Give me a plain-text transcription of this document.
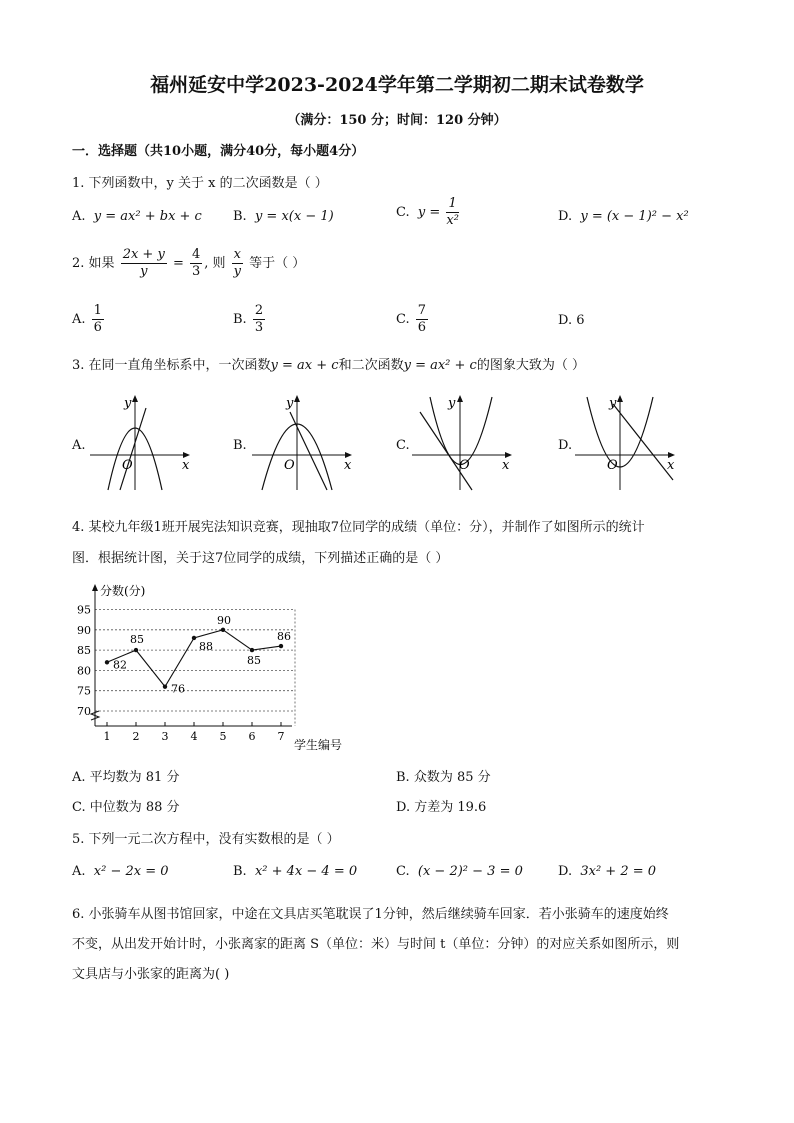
福州延安中学2023-2024学年第二学期初二期末试卷数学
（满分：150 分；时间：120 分钟）
一．选择题（共10小题，满分40分，每小题4分）
1. 下列函数中，y 关于 x 的二次函数是（ ）
A. y = ax² + bx + c B. y = x(x − 1)	C. $y = \frac{1}{\text{x²}}$	D. y = (x − 1)² − x²
2. 如果 $\frac{2x + y}{y} = \frac{4}{3}$ , 则 $\frac{x}{y}$ 等于（ ）
A. $\frac{1}{6}$	B. $\frac{2}{3}$	C. $\frac{7}{6}$	D. 6
3. 在同一直角坐标系中，一次函数y = ax + c和二次函数y = ax² + c的图象大致为（ ）
A.	B.	C.	D.
y
x
O
y
x
O
y
x
O
y
x
O
4. 某校九年级1班开展宪法知识竞赛，现抽取7位同学的成绩（单位：分），并制作了如图所示的统计
图．根据统计图，关于这7位同学的成绩，下列描述正确的是（ ）
分数(分)
学生编号
70
75
80
85
90
95
1 2 3 4 5 6 7
82
85
76
88
90
85
86
A. 平均数为 81 分	B. 众数为 85 分
C. 中位数为 88 分	D. 方差为 19.6
5. 下列一元二次方程中，没有实数根的是（ ）
A. x² − 2x = 0	B. x² + 4x − 4 = 0	C. (x − 2)² − 3 = 0	D. 3x² + 2 = 0
6. 小张骑车从图书馆回家，中途在文具店买笔耽误了1分钟，然后继续骑车回家．若小张骑车的速度始终
不变，从出发开始计时，小张离家的距离 S（单位：米）与时间 t（单位：分钟）的对应关系如图所示，则
文具店与小张家的距离为( )
